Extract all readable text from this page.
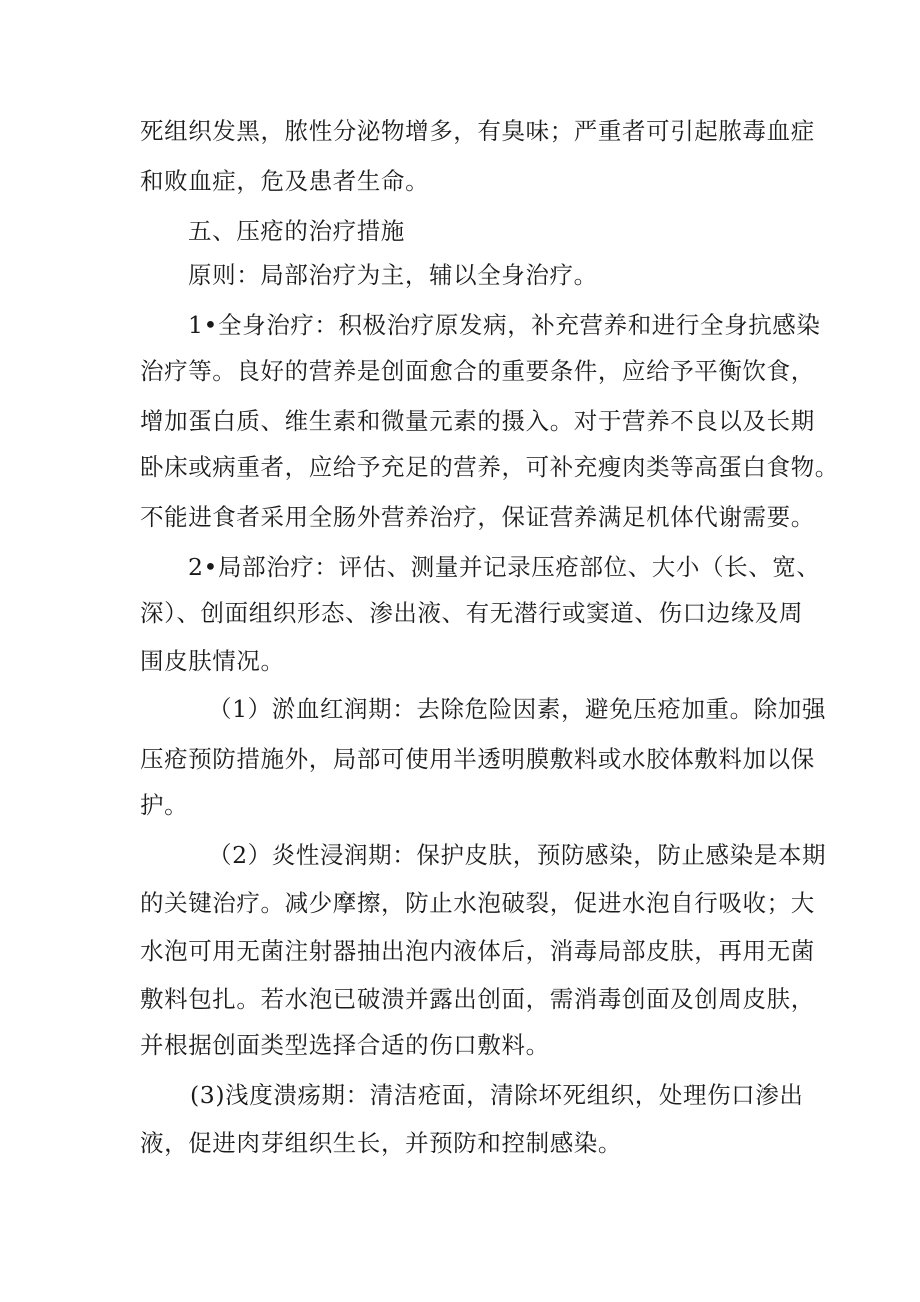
死组织发黑，脓性分泌物增多，有臭味；严重者可引起脓毒血症
和败血症，危及患者生命。
五、压疮的治疗措施
原则：局部治疗为主，辅以全身治疗。
1•全身治疗：积极治疗原发病，补充营养和进行全身抗感染
治疗等。良好的营养是创面愈合的重要条件，应给予平衡饮食，
增加蛋白质、维生素和微量元素的摄入。对于营养不良以及长期
卧床或病重者，应给予充足的营养，可补充瘦肉类等高蛋白食物。
不能进食者采用全肠外营养治疗，保证营养满足机体代谢需要。
2•局部治疗：评估、测量并记录压疮部位、大小（长、宽、
深）、创面组织形态、渗出液、有无潜行或窦道、伤口边缘及周
围皮肤情况。
（1）淤血红润期：去除危险因素，避免压疮加重。除加强
压疮预防措施外，局部可使用半透明膜敷料或水胶体敷料加以保
护。
（2）炎性浸润期：保护皮肤，预防感染，防止感染是本期
的关键治疗。减少摩擦，防止水泡破裂，促进水泡自行吸收；大
水泡可用无菌注射器抽出泡内液体后，消毒局部皮肤，再用无菌
敷料包扎。若水泡已破溃并露出创面，需消毒创面及创周皮肤，
并根据创面类型选择合适的伤口敷料。
(3)浅度溃疡期：清洁疮面，清除坏死组织，处理伤口渗出
液，促进肉芽组织生长，并预防和控制感染。
